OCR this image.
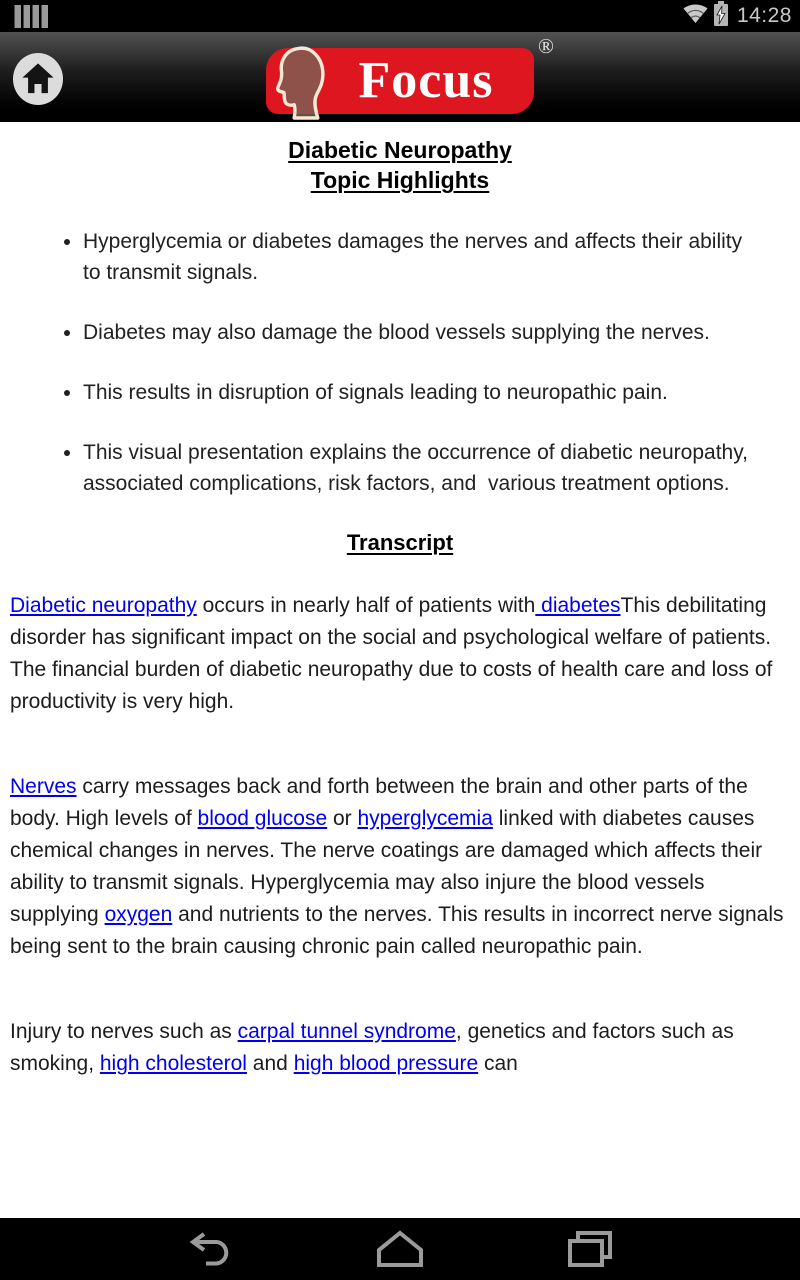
14:28
Focus
®
Diabetic Neuropathy
Topic Highlights
• Hyperglycemia or diabetes damages the nerves and affects their ability to transmit signals.
• Diabetes may also damage the blood vessels supplying the nerves.
• This results in disruption of signals leading to neuropathic pain.
• This visual presentation explains the occurrence of diabetic neuropathy, associated complications, risk factors, and  various treatment options.
Transcript

Diabetic neuropathy occurs in nearly half of patients with diabetesThis debilitating disorder has significant impact on the social and psychological welfare of patients. The financial burden of diabetic neuropathy due to costs of health care and loss of productivity is very high.

Nerves carry messages back and forth between the brain and other parts of the body. High levels of blood glucose or hyperglycemia linked with diabetes causes chemical changes in nerves. The nerve coatings are damaged which affects their ability to transmit signals. Hyperglycemia may also injure the blood vessels supplying oxygen and nutrients to the nerves. This results in incorrect nerve signals being sent to the brain causing chronic pain called neuropathic pain.

Injury to nerves such as carpal tunnel syndrome, genetics and factors such as smoking, high cholesterol and high blood pressure can
